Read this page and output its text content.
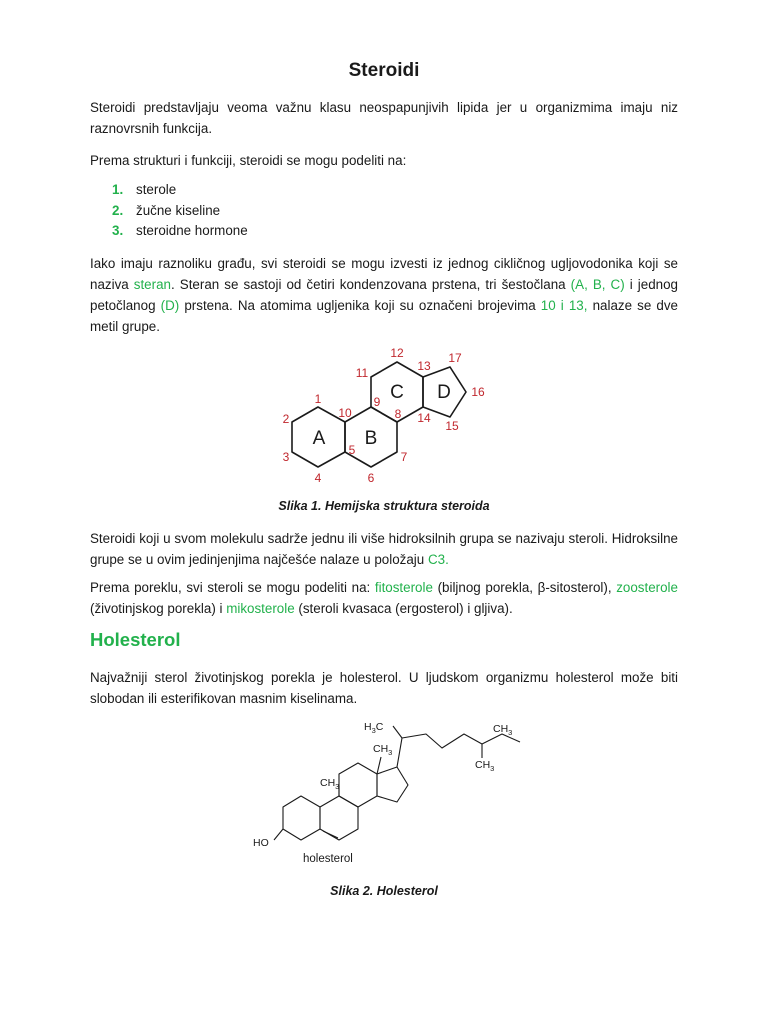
Steroidi

Steroidi predstavljaju veoma važnu klasu neospapunjivih lipida jer u organizmima imaju niz raznovrsnih funkcija.

Prema strukturi i funkciji, steroidi se mogu podeliti na:

1. sterole
2. žučne kiseline
3. steroidne hormone

Iako imaju raznoliku građu, svi steroidi se mogu izvesti iz jednog cikličnog ugljovodonika koji se naziva steran. Steran se sastoji od četiri kondenzovana prstena, tri šestočlana (A, B, C) i jednog petočlanog (D) prstena. Na atomima ugljenika koji su označeni brojevima 10 i 13, nalaze se dve metil grupe.

A B
C D
1
2
3
4
5
6
7
8
9
10
11
12
13
14
15
16
17
$H_3C$	$CH_3$
$CH_3$
$CH_3$
$CH_3$
HO
holesterol
Slika 1. Hemijska struktura steroida

Steroidi koji u svom molekulu sadrže jednu ili više hidroksilnih grupa se nazivaju steroli. Hidroksilne grupe se u ovim jedinjenjima najčešće nalaze u položaju C3.

Prema poreklu, svi steroli se mogu podeliti na: fitosterole (biljnog porekla, β-sitosterol), zoosterole (životinjskog porekla) i mikosterole (steroli kvasaca (ergosterol) i gljiva).

Holesterol

Najvažniji sterol životinjskog porekla je holesterol. U ljudskom organizmu holesterol može biti slobodan ili esterifikovan masnim kiselinama.

Slika 2. Holesterol
